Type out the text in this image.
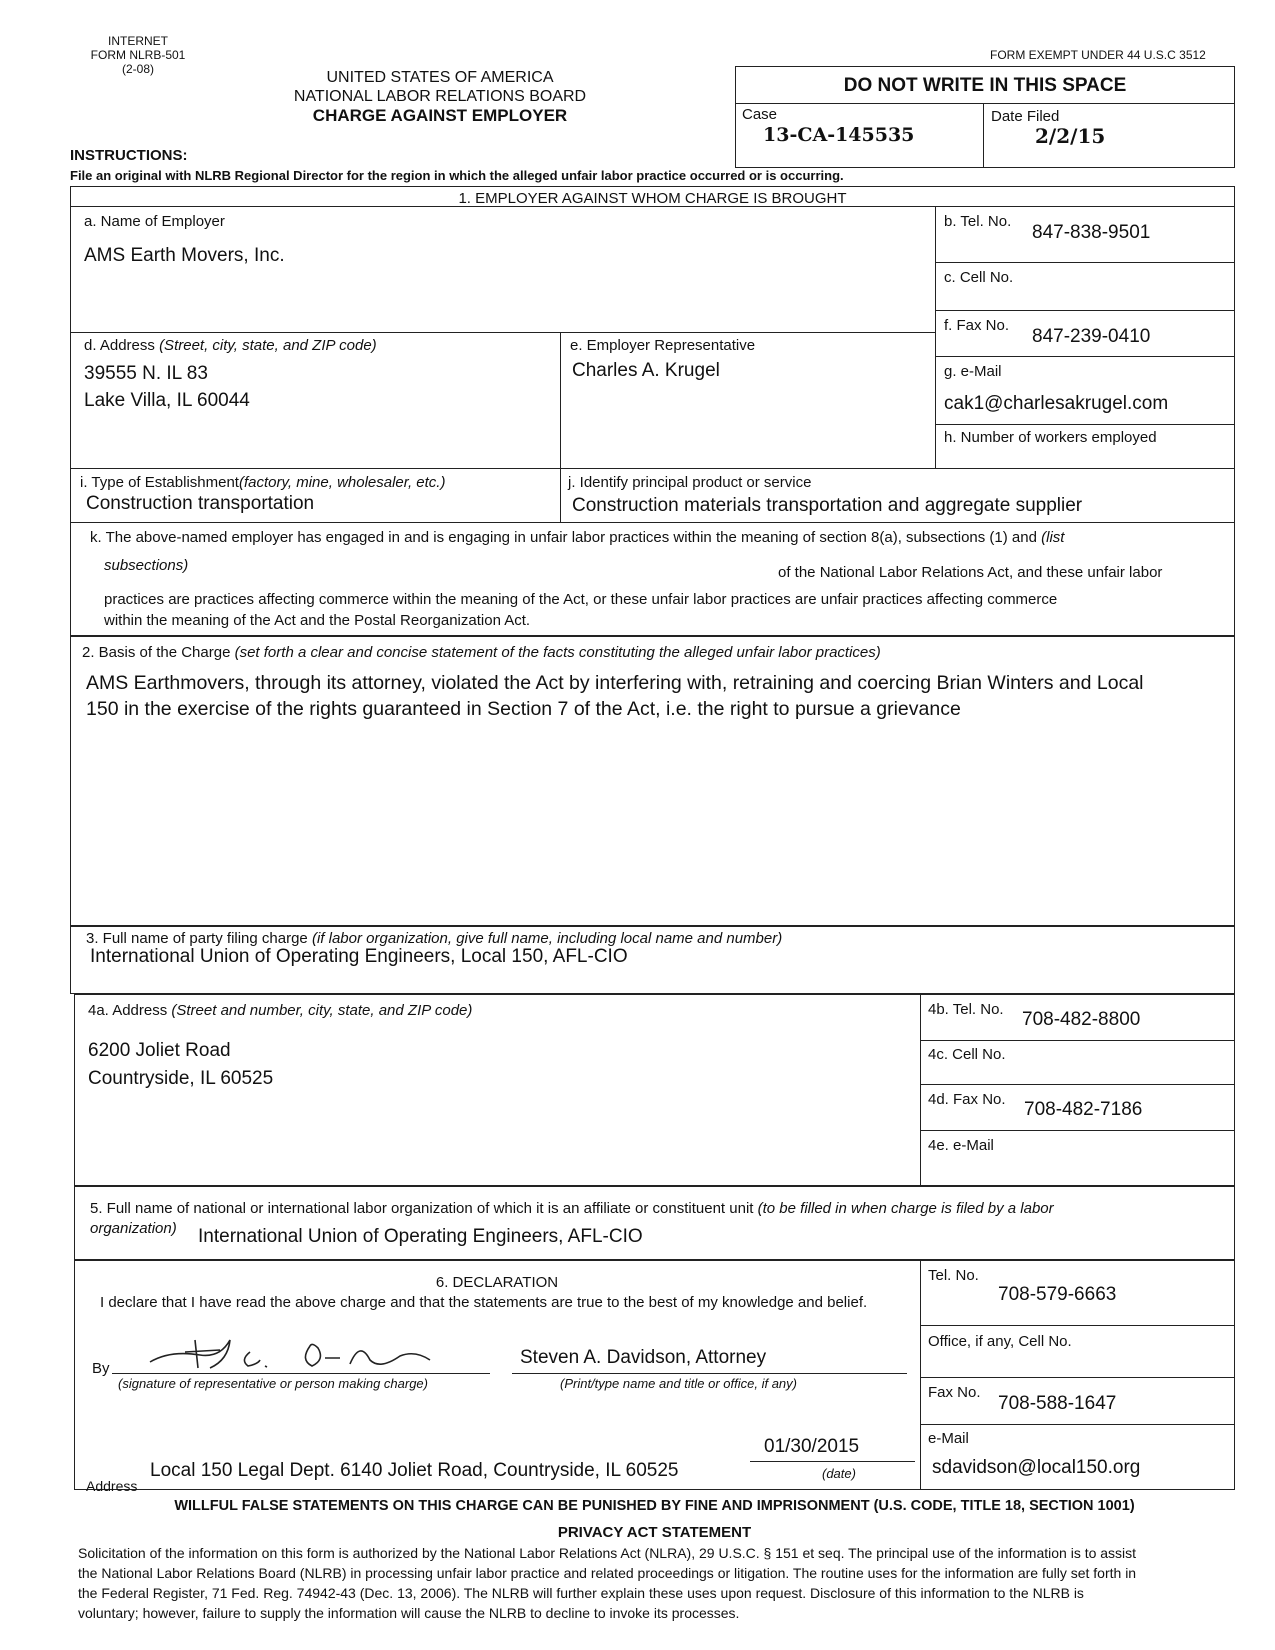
INTERNET
FORM NLRB-501
(2-08)	UNITED STATES OF AMERICA
NATIONAL LABOR RELATIONS BOARD
CHARGE AGAINST EMPLOYER
FORM EXEMPT UNDER 44 U.S.C 3512
DO NOT WRITE IN THIS SPACE
Case
13-CA-145535
Date Filed
2/2/15
INSTRUCTIONS:
File an original with NLRB Regional Director for the region in which the alleged unfair labor practice occurred or is occurring.
1. EMPLOYER AGAINST WHOM CHARGE IS BROUGHT
a. Name of Employer
AMS Earth Movers, Inc.
b. Tel. No.
847-838-9501
c. Cell No.
f. Fax No.
847-239-0410
d. Address (Street, city, state, and ZIP code)
39555 N. IL 83
Lake Villa, IL 60044
e. Employer Representative
Charles A. Krugel	g. e-Mail
cak1@charlesakrugel.com
h. Number of workers employed
i. Type of Establishment(factory, mine, wholesaler, etc.)
Construction transportation
j. Identify principal product or service
Construction materials transportation and aggregate supplier
k. The above-named employer has engaged in and is engaging in unfair labor practices within the meaning of section 8(a), subsections (1) and (list
subsections)	of the National Labor Relations Act, and these unfair labor
practices are practices affecting commerce within the meaning of the Act, or these unfair labor practices are unfair practices affecting commerce
within the meaning of the Act and the Postal Reorganization Act.
2. Basis of the Charge (set forth a clear and concise statement of the facts constituting the alleged unfair labor practices)
AMS Earthmovers, through its attorney, violated the Act by interfering with, retraining and coercing Brian Winters and Local
150 in the exercise of the rights guaranteed in Section 7 of the Act, i.e. the right to pursue a grievance
3. Full name of party filing charge (if labor organization, give full name, including local name and number)
International Union of Operating Engineers, Local 150, AFL-CIO
4a. Address (Street and number, city, state, and ZIP code)
6200 Joliet Road
Countryside, IL 60525
4b. Tel. No. 708-482-8800
4c. Cell No.
4d. Fax No. 708-482-7186
4e. e-Mail
5. Full name of national or international labor organization of which it is an affiliate or constituent unit (to be filled in when charge is filed by a labor
organization) International Union of Operating Engineers, AFL-CIO
6. DECLARATION
I declare that I have read the above charge and that the statements are true to the best of my knowledge and belief.
By
(signature of representative or person making charge)
Steven A. Davidson, Attorney
(Print/type name and title or office, if any)
Address
Local 150 Legal Dept. 6140 Joliet Road, Countryside, IL 60525
01/30/2015
(date)
Tel. No.
708-579-6663
Office, if any, Cell No.
Fax No.
708-588-1647
e-Mail
sdavidson@local150.org
WILLFUL FALSE STATEMENTS ON THIS CHARGE CAN BE PUNISHED BY FINE AND IMPRISONMENT (U.S. CODE, TITLE 18, SECTION 1001)
PRIVACY ACT STATEMENT
Solicitation of the information on this form is authorized by the National Labor Relations Act (NLRA), 29 U.S.C. § 151 et seq. The principal use of the information is to assist
the National Labor Relations Board (NLRB) in processing unfair labor practice and related proceedings or litigation. The routine uses for the information are fully set forth in
the Federal Register, 71 Fed. Reg. 74942-43 (Dec. 13, 2006). The NLRB will further explain these uses upon request. Disclosure of this information to the NLRB is
voluntary; however, failure to supply the information will cause the NLRB to decline to invoke its processes.
